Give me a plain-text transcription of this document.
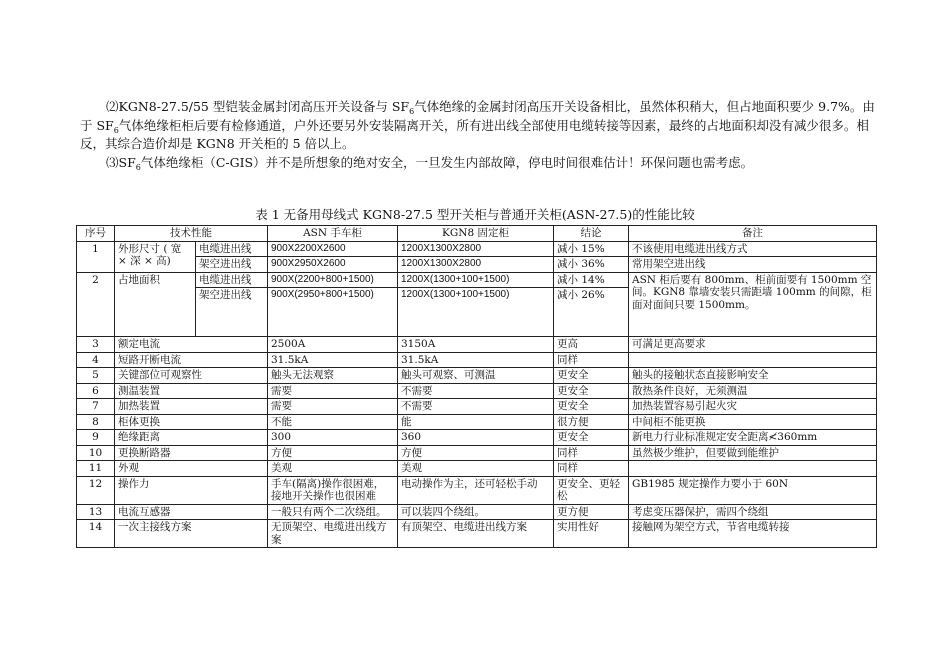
⑵KGN8-27.5/55 型铠装金属封闭高压开关设备与 $SF_6$气体绝缘的金属封闭高压开关设备相比，虽然体积稍大，但占地面积要少 9.7%。由于 $SF_6$气体绝缘柜柜后要有检修通道，户外还要另外安装隔离开关，所有进出线全部使用电缆转接等因素，最终的占地面积却没有减少很多。相反，其综合造价却是 KGN8 开关柜的 5 倍以上。

$⑶SF_6$气体绝缘柜（C-GIS）并不是所想象的绝对安全，一旦发生内部故障，停电时间很难估计！环保问题也需考虑。

表 1 无备用母线式 KGN8-27.5 型开关柜与普通开关柜(ASN-27.5)的性能比较

序号	技术性能		ASN 手车柜	KGN8 固定柜	结论	备注
1	外形尺寸 ( 宽 × 深 × 高)	电缆进出线	900X2200X2600	1200X1300X2800	减小 15%	不该使用电缆进出线方式
		架空进出线	900X2950X2600	1200X1300X2800	减小 36%	常用架空进出线
2	占地面积	电缆进出线	900X(2200+800+1500)	1200X(1300+100+1500)	减小 14%	ASN 柜后要有 800mm、柜前面要有 1500mm 空间。KGN8 靠墙安装只需距墙 100mm 的间隙，柜面对面间只要 1500mm。
		架空进出线	900X(2950+800+1500)	1200X(1300+100+1500)	减小 26%	
3	额定电流		2500A	3150A	更高	可满足更高要求
4	短路开断电流		31.5kA	31.5kA	同样	
5	关键部位可观察性		触头无法观察	触头可观察、可测温	更安全	触头的接触状态直接影响安全
6	测温装置		需要	不需要	更安全	散热条件良好，无须测温
7	加热装置		需要	不需要	更安全	加热装置容易引起火灾
8	柜体更换		不能	能	很方便	中间柜不能更换
9	绝缘距离		300	360	更安全	新电力行业标准规定安全距离≮360mm
10	更换断路器		方便	方便	同样	虽然极少维护，但要做到能维护
11	外观		美观	美观	同样	
12	操作力		手车(隔离)操作很困难，接地开关操作也很困难	电动操作为主，还可轻松手动	更安全、更轻松	GB1985 规定操作力要小于 60N
13	电流互感器		一般只有两个二次绕组。	可以装四个绕组。	更方便	考虑变压器保护，需四个绕组
14	一次主接线方案		无顶架空、电缆进出线方案	有顶架空、电缆进出线方案	实用性好	接触网为架空方式，节省电缆转接
